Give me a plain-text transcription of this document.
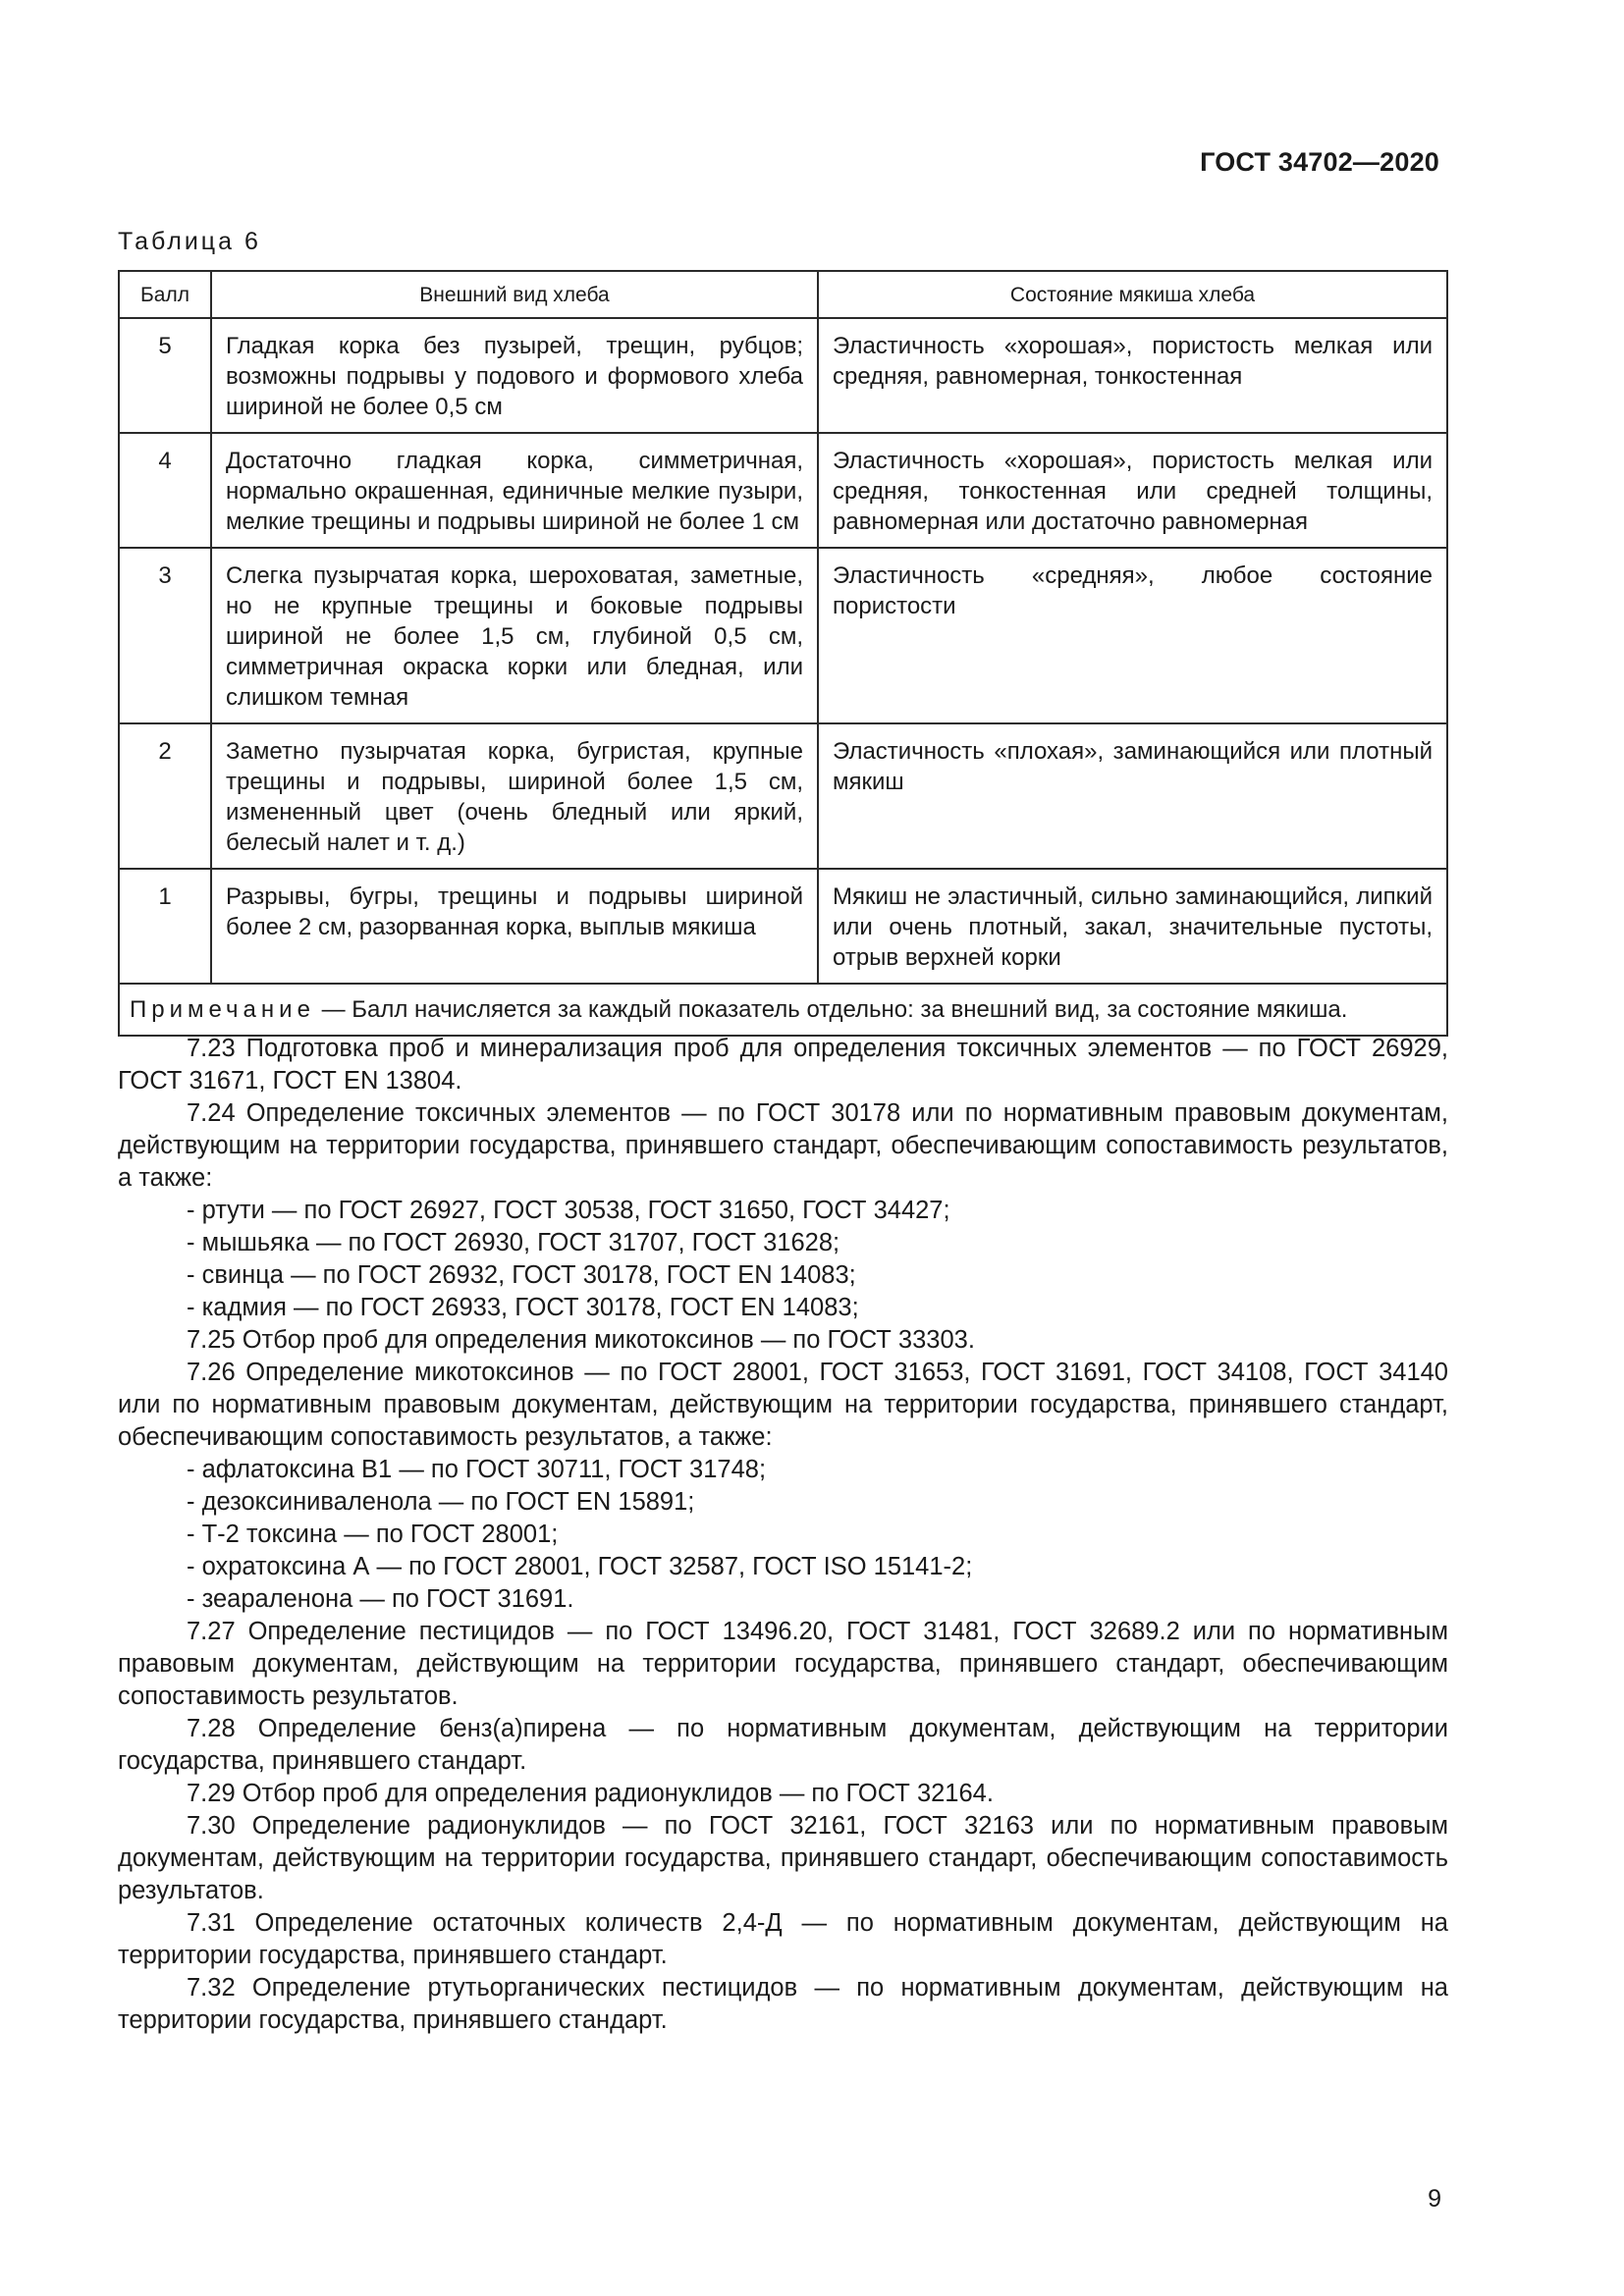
ГОСТ 34702—2020
Таблица 6
Балл	Внешний вид хлеба	Состояние мякиша хлеба
5	Гладкая корка без пузырей, трещин, рубцов; возможны подрывы у подового и формового хлеба шириной не более 0,5 см	Эластичность «хорошая», пористость мелкая или средняя, равномерная, тонкостенная
4	Достаточно гладкая корка, симметричная, нормально окрашенная, единичные мелкие пузыри, мелкие трещины и подрывы шириной не более 1 см	Эластичность «хорошая», пористость мелкая или средняя, тонкостенная или средней толщины, равномерная или достаточно равномерная
3	Слегка пузырчатая корка, шероховатая, заметные, но не крупные трещины и боковые подрывы шириной не более 1,5 см, глубиной 0,5 см, симметричная окраска корки или бледная, или слишком темная	Эластичность «средняя», любое состояние пористости
2	Заметно пузырчатая корка, бугристая, крупные трещины и подрывы, шириной более 1,5 см, измененный цвет (очень бледный или яркий, белесый налет и т. д.)	Эластичность «плохая», заминающийся или плотный мякиш
1	Разрывы, бугры, трещины и подрывы шириной более 2 см, разорванная корка, выплыв мякиша	Мякиш не эластичный, сильно заминающийся, липкий или очень плотный, закал, значительные пустоты, отрыв верхней корки
Примечание — Балл начисляется за каждый показатель отдельно: за внешний вид, за состояние мякиша.		

7.23 Подготовка проб и минерализация проб для определения токсичных элементов — по ГОСТ 26929, ГОСТ 31671, ГОСТ EN 13804.

7.24 Определение токсичных элементов — по ГОСТ 30178 или по нормативным правовым документам, действующим на территории государства, принявшего стандарт, обеспечивающим сопоставимость результатов, а также:

- ртути — по ГОСТ 26927, ГОСТ 30538, ГОСТ 31650, ГОСТ 34427;

- мышьяка — по ГОСТ 26930, ГОСТ 31707, ГОСТ 31628;

- свинца — по ГОСТ 26932, ГОСТ 30178, ГОСТ EN 14083;

- кадмия — по ГОСТ 26933, ГОСТ 30178, ГОСТ EN 14083;

7.25 Отбор проб для определения микотоксинов — по ГОСТ 33303.

7.26 Определение микотоксинов — по ГОСТ 28001, ГОСТ 31653, ГОСТ 31691, ГОСТ 34108, ГОСТ 34140 или по нормативным правовым документам, действующим на территории государства, принявшего стандарт, обеспечивающим сопоставимость результатов, а также:

- афлатоксина B1 — по ГОСТ 30711, ГОСТ 31748;

- дезоксиниваленола — по ГОСТ EN 15891;

- Т-2 токсина — по ГОСТ 28001;

- охратоксина А — по ГОСТ 28001, ГОСТ 32587, ГОСТ ISO 15141-2;

- зеараленона — по ГОСТ 31691.

7.27 Определение пестицидов — по ГОСТ 13496.20, ГОСТ 31481, ГОСТ 32689.2 или по нормативным правовым документам, действующим на территории государства, принявшего стандарт, обеспечивающим сопоставимость результатов.

7.28 Определение бенз(а)пирена — по нормативным документам, действующим на территории государства, принявшего стандарт.

7.29 Отбор проб для определения радионуклидов — по ГОСТ 32164.

7.30 Определение радионуклидов — по ГОСТ 32161, ГОСТ 32163 или по нормативным правовым документам, действующим на территории государства, принявшего стандарт, обеспечивающим сопоставимость результатов.

7.31 Определение остаточных количеств 2,4-Д — по нормативным документам, действующим на территории государства, принявшего стандарт.

7.32 Определение ртутьорганических пестицидов — по нормативным документам, действующим на территории государства, принявшего стандарт.

9
